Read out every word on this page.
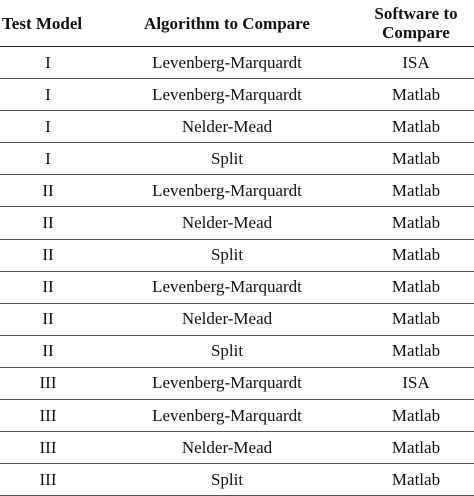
Test Model	Algorithm to Compare	Software to Compare
I	Levenberg-Marquardt	ISA
I	Levenberg-Marquardt	Matlab
I	Nelder-Mead	Matlab
I	Split	Matlab
II	Levenberg-Marquardt	Matlab
II	Nelder-Mead	Matlab
II	Split	Matlab
II	Levenberg-Marquardt	Matlab
II	Nelder-Mead	Matlab
II	Split	Matlab
III	Levenberg-Marquardt	ISA
III	Levenberg-Marquardt	Matlab
III	Nelder-Mead	Matlab
III	Split	Matlab
